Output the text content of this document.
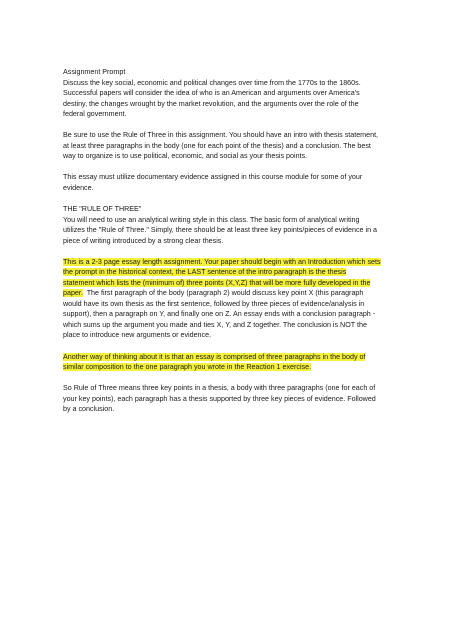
Assignment Prompt
Discuss the key social, economic and political changes over time from the 1770s to the 1860s.
Successful papers will consider the idea of who is an American and arguments over America's
destiny, the changes wrought by the market revolution, and the arguments over the role of the
federal government.

Be sure to use the Rule of Three in this assignment. You should have an intro with thesis statement,
at least three paragraphs in the body (one for each point of the thesis) and a conclusion. The best
way to organize is to use political, economic, and social as your thesis points.

This essay must utilize documentary evidence assigned in this course module for some of your
evidence.

THE "RULE OF THREE"
You will need to use an analytical writing style in this class. The basic form of analytical writing
utilizes the "Rule of Three." Simply, there should be at least three key points/pieces of evidence in a
piece of writing introduced by a strong clear thesis.

This is a 2-3 page essay length assignment. Your paper should begin with an Introduction which sets
the prompt in the historical context, the LAST sentence of the intro paragraph is the thesis
statement which lists the (minimum of) three points (X,Y,Z) that will be more fully developed in the
paper.  The first paragraph of the body (paragraph 2) would discuss key point X (this paragraph
would have its own thesis as the first sentence, followed by three pieces of evidence/analysis in
support), then a paragraph on Y, and finally one on Z. An essay ends with a conclusion paragraph -
which sums up the argument you made and ties X, Y, and Z together. The conclusion is NOT the
place to introduce new arguments or evidence.

Another way of thinking about it is that an essay is comprised of three paragraphs in the body of
similar composition to the one paragraph you wrote in the Reaction 1 exercise.

So Rule of Three means three key points in a thesis, a body with three paragraphs (one for each of
your key points), each paragraph has a thesis supported by three key pieces of evidence. Followed
by a conclusion.
